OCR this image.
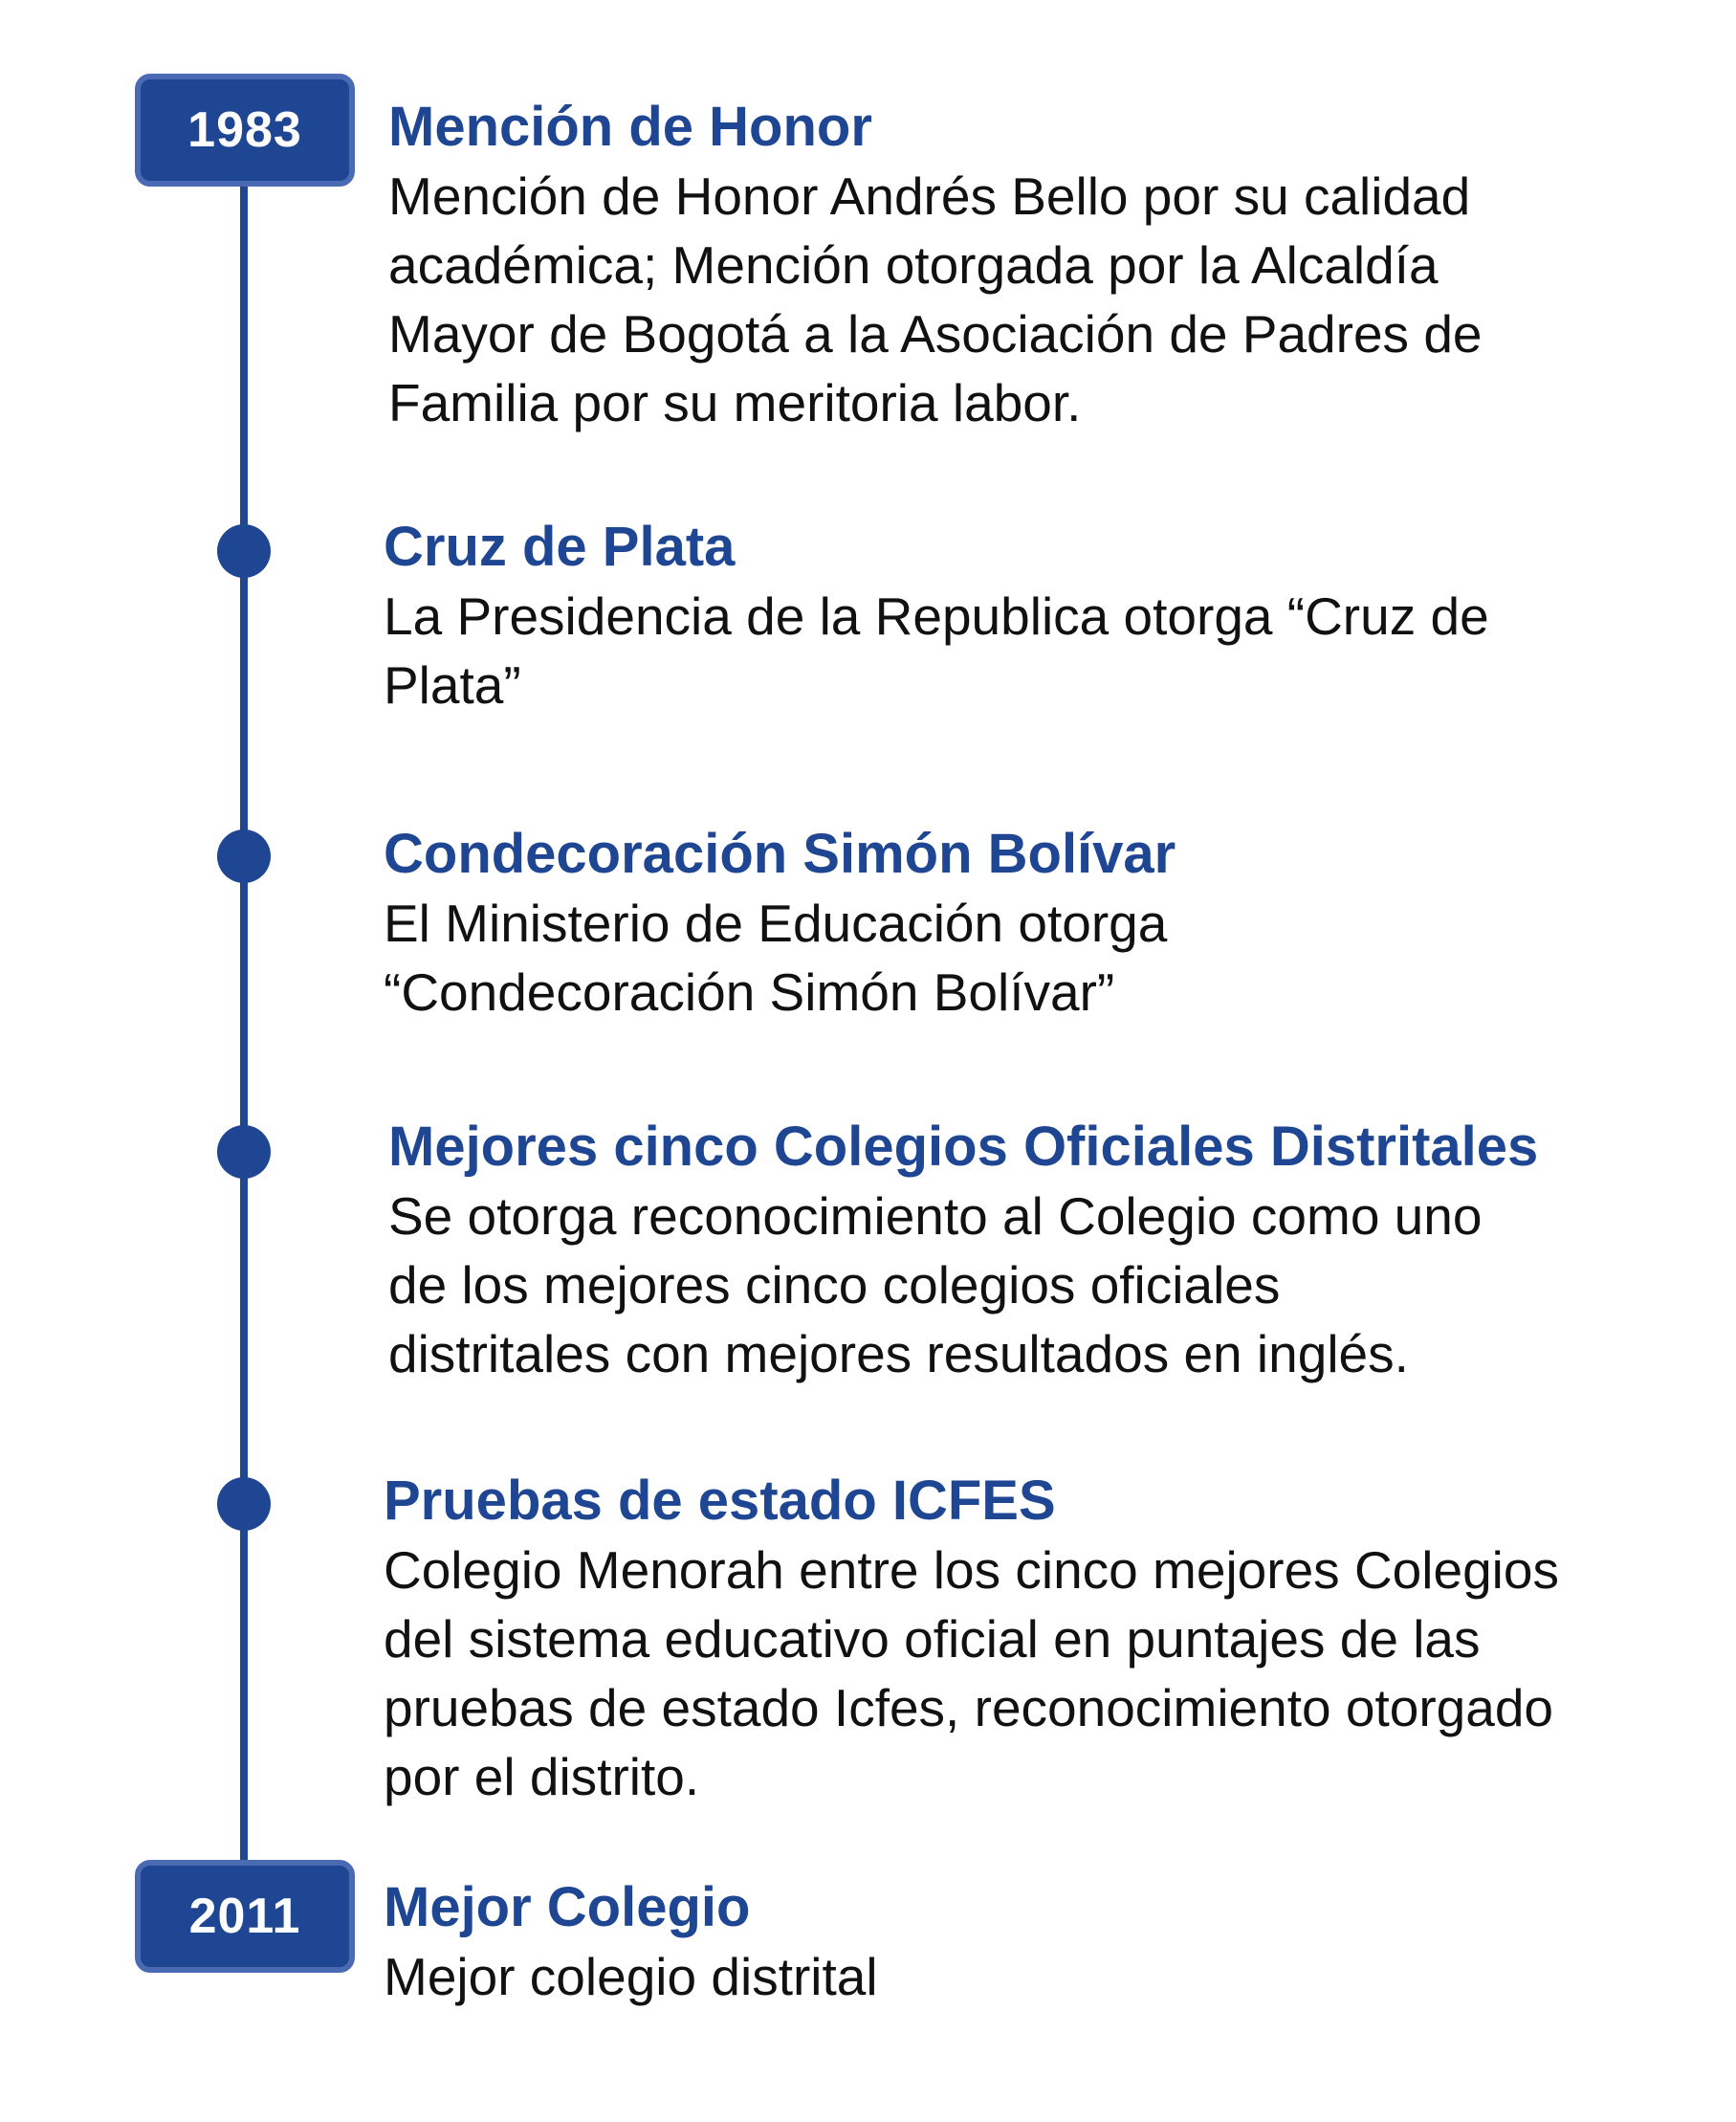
1983
2011

Mención de Honor

Mención de Honor Andrés Bello por su calidad
académica; Mención otorgada por la Alcaldía
Mayor de Bogotá a la Asociación de Padres de
Familia por su meritoria labor.

Cruz de Plata

La Presidencia de la Republica otorga “Cruz de
Plata”

Condecoración Simón Bolívar

El Ministerio de Educación otorga
“Condecoración Simón Bolívar”

Mejores cinco Colegios Oficiales Distritales

Se otorga reconocimiento al Colegio como uno
de los mejores cinco colegios oficiales
distritales con mejores resultados en inglés.

Pruebas de estado ICFES

Colegio Menorah entre los cinco mejores Colegios
del sistema educativo oficial en puntajes de las
pruebas de estado Icfes, reconocimiento otorgado
por el distrito.

Mejor Colegio

Mejor colegio distrital
